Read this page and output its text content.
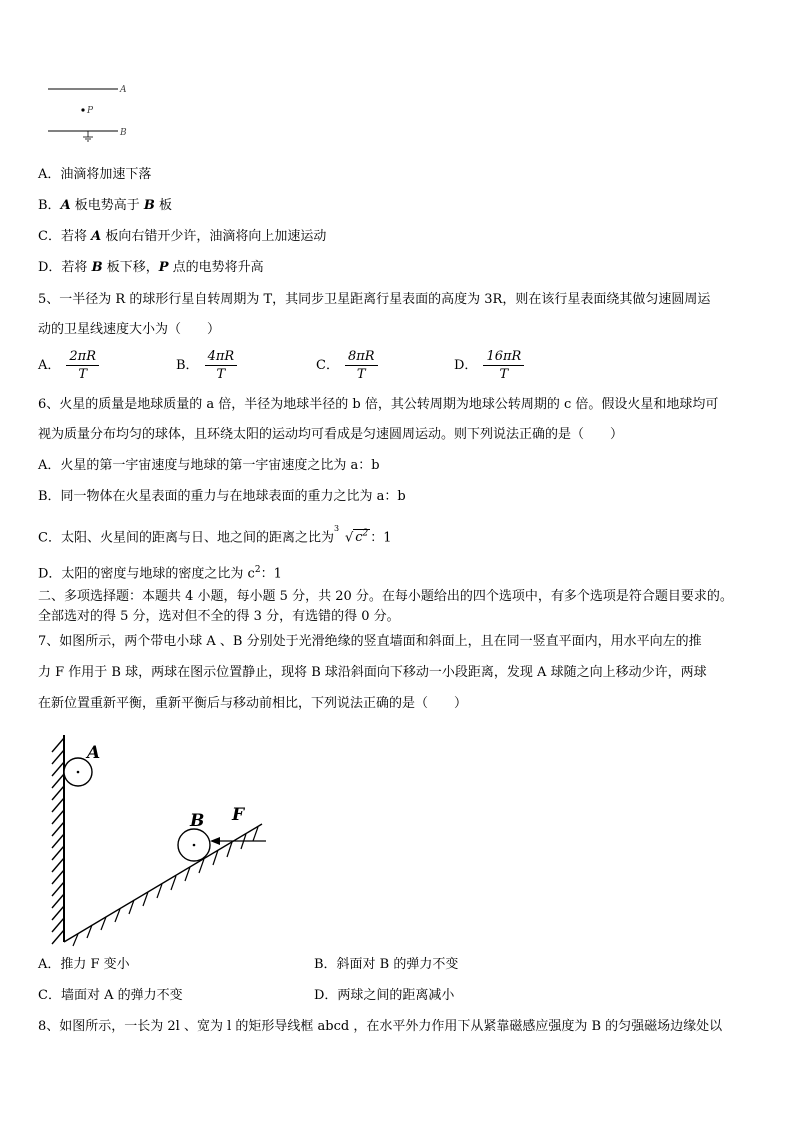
A
P
B
A．油滴将加速下落
B．A 板电势高于 B 板
C．若将 A 板向右错开少许，油滴将向上加速运动
D．若将 B 板下移，P 点的电势将升高
5、一半径为 R 的球形行星自转周期为 T，其同步卫星距离行星表面的高度为 3R，则在该行星表面绕其做匀速圆周运
动的卫星线速度大小为（　　）
A． $\frac{2\pi R}{T}$	B． $\frac{4\pi R}{T}$	C． $\frac{8\pi R}{T}$	D． $\frac{16\pi R}{T}$
6、火星的质量是地球质量的 a 倍，半径为地球半径的 b 倍，其公转周期为地球公转周期的 c 倍。假设火星和地球均可
视为质量分布均匀的球体，且环绕太阳的运动均可看成是匀速圆周运动。则下列说法正确的是（　　）
A．火星的第一宇宙速度与地球的第一宇宙速度之比为 a：b
B．同一物体在火星表面的重力与在地球表面的重力之比为 a：b
C．太阳、火星间的距离与日、地之间的距离之比为
3
√ $c^2$ ：1
D．太阳的密度与地球的密度之比为 $c^2$：1
二、多项选择题：本题共 4 小题，每小题 5 分，共 20 分。在每小题给出的四个选项中，有多个选项是符合题目要求的。
全部选对的得 5 分，选对但不全的得 3 分，有选错的得 0 分。
7、如图所示，两个带电小球 A 、B 分别处于光滑绝缘的竖直墙面和斜面上，且在同一竖直平面内，用水平向左的推
力 F 作用于 B 球，两球在图示位置静止，现将 B 球沿斜面向下移动一小段距离，发现 A 球随之向上移动少许，两球
在新位置重新平衡，重新平衡后与移动前相比，下列说法正确的是（　　）
A
B F
A．推力 F 变小	B．斜面对 B 的弹力不变
C．墙面对 A 的弹力不变	D．两球之间的距离减小
8、如图所示，一长为 2l 、宽为 l 的矩形导线框 abcd ，在水平外力作用下从紧靠磁感应强度为 B 的匀强磁场边缘处以
